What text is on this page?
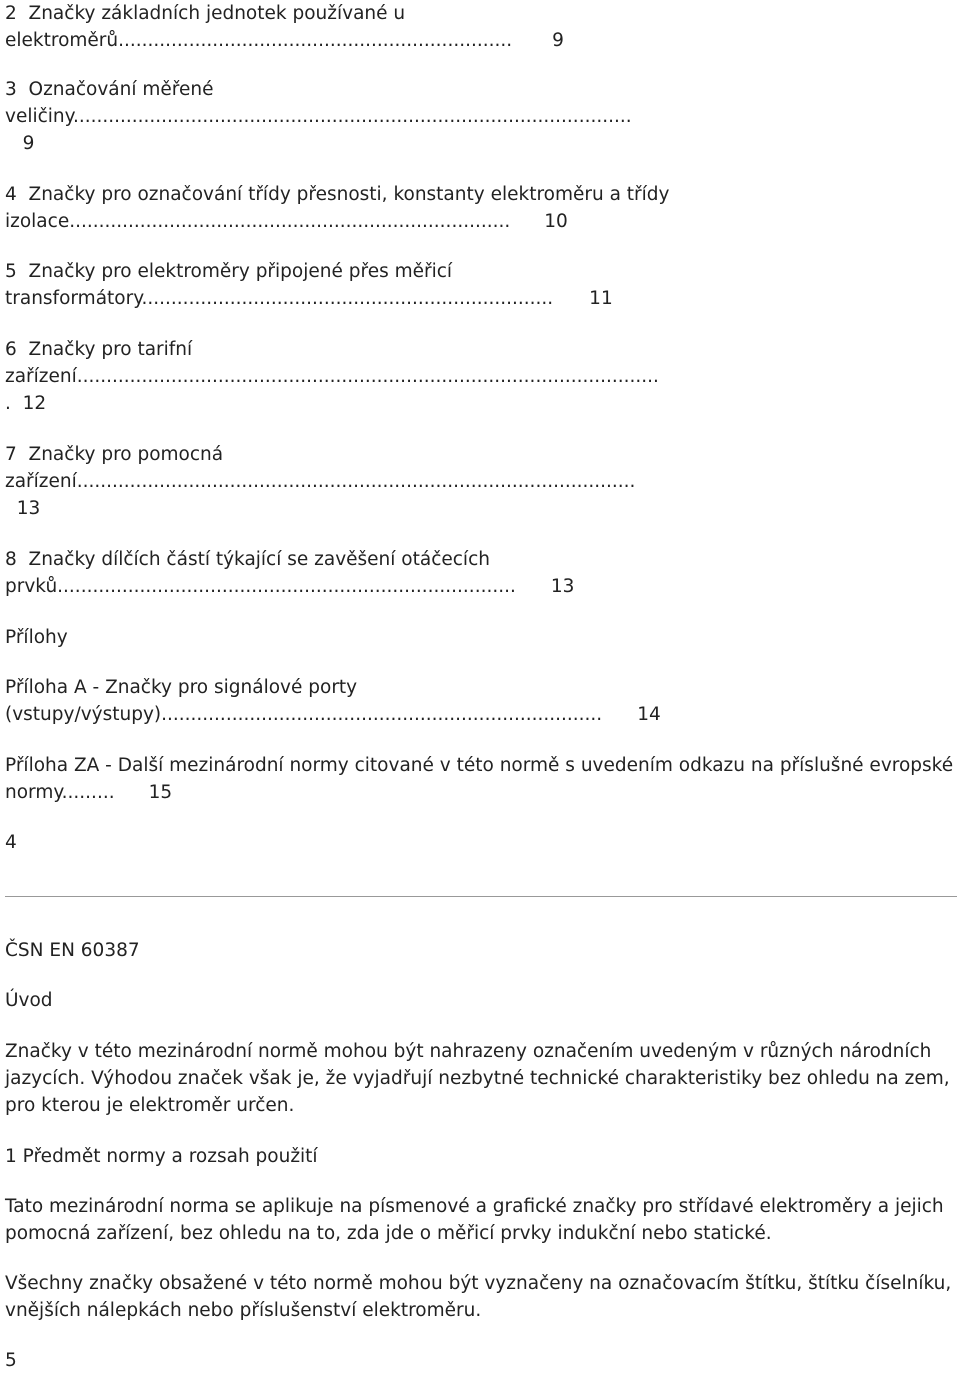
2  Značky základních jednotek používané u

elektroměrů................................................................... 9

3  Označování měřené

veličiny...............................................................................................

9

4  Značky pro označování třídy přesnosti, konstanty elektroměru a třídy

izolace........................................................................... 10

5  Značky pro elektroměry připojené přes měřicí

transformátory...................................................................... 11

6  Značky pro tarifní

zařízení...................................................................................................

.  12

7  Značky pro pomocná

zařízení...............................................................................................

13

8  Značky dílčích částí týkající se zavěšení otáčecích

prvků.............................................................................. 13

Přílohy

Příloha A - Značky pro signálové porty

(vstupy/výstupy)........................................................................... 14

Příloha ZA - Další mezinárodní normy citované v této normě s uvedením odkazu na příslušné evropské

normy......... 15

4

ČSN EN 60387

Úvod

Značky v této mezinárodní normě mohou být nahrazeny označením uvedeným v různých národních jazycích. Výhodou značek však je, že vyjadřují nezbytné technické charakteristiky bez ohledu na zem, pro kterou je elektroměr určen.

1 Předmět normy a rozsah použití

Tato mezinárodní norma se aplikuje na písmenové a grafické značky pro střídavé elektroměry a jejich pomocná zařízení, bez ohledu na to, zda jde o měřicí prvky indukční nebo statické.

Všechny značky obsažené v této normě mohou být vyznačeny na označovacím štítku, štítku číselníku, vnějších nálepkách nebo příslušenství elektroměru.

5
